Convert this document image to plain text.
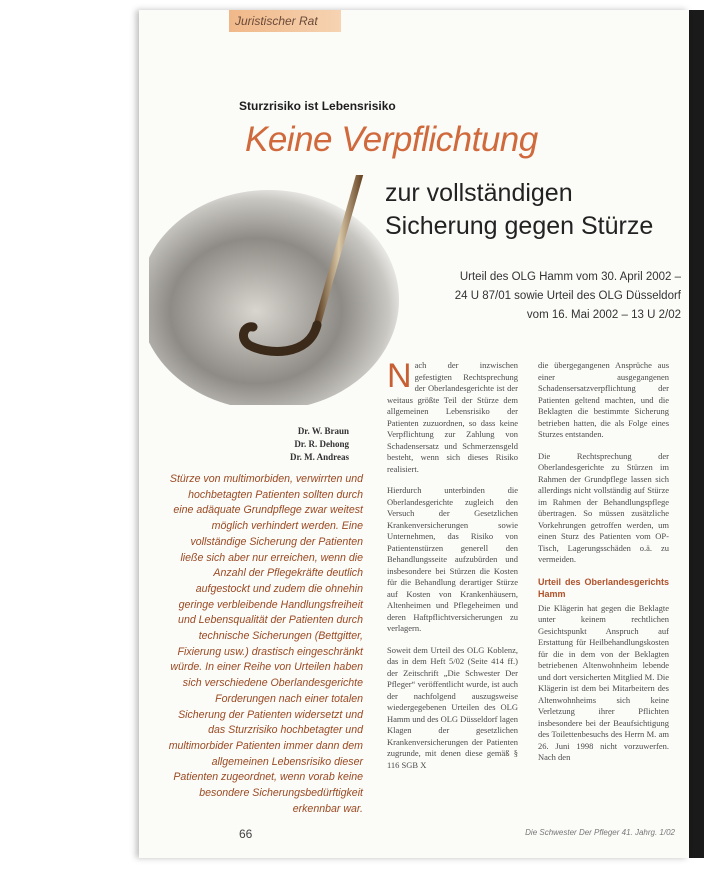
Juristischer Rat
Sturzrisiko ist Lebensrisiko
Keine Verpflichtung
zur vollständigen
Sicherung gegen Stürze
Urteil des OLG Hamm vom 30. April 2002 –
24 U 87/01 sowie Urteil des OLG Düsseldorf
vom 16. Mai 2002 – 13 U 2/02
Dr. W. Braun
Dr. R. Dehong
Dr. M. Andreas
Stürze von multimorbiden, verwirrten und hochbetagten Patienten sollten durch eine adäquate Grundpflege zwar weitest möglich verhindert werden. Eine vollständige Sicherung der Patienten ließe sich aber nur erreichen, wenn die Anzahl der Pflegekräfte deutlich aufgestockt und zudem die ohnehin geringe verbleibende Handlungsfreiheit und Lebensqualität der Patienten durch technische Sicherungen (Bettgitter, Fixierung usw.) drastisch eingeschränkt würde. In einer Reihe von Urteilen haben sich verschiedene Oberlandesgerichte Forderungen nach einer totalen Sicherung der Patienten widersetzt und das Sturzrisiko hochbetagter und multimorbider Patienten immer dann dem allgemeinen Lebensrisiko dieser Patienten zugeordnet, wenn vorab keine besondere Sicherungsbedürftigkeit erkennbar war.

Nach der inzwischen gefestigten Rechtsprechung der Oberlandesgerichte ist der weitaus größte Teil der Stürze dem allgemeinen Lebensrisiko der Patienten zuzuordnen, so dass keine Verpflichtung zur Zahlung von Schadensersatz und Schmerzensgeld besteht, wenn sich dieses Risiko realisiert.

Hierdurch unterbinden die Oberlandesgerichte zugleich den Versuch der Gesetzlichen Krankenversicherungen sowie Unternehmen, das Risiko von Patientenstürzen generell den Behandlungsseite aufzubürden und insbesondere bei Stürzen die Kosten für die Behandlung derartiger Stürze auf Kosten von Krankenhäusern, Altenheimen und Pflegeheimen und deren Haftpflichtversicherungen zu verlagern.

Soweit dem Urteil des OLG Koblenz, das in dem Heft 5/02 (Seite 414 ff.) der Zeitschrift „Die Schwester Der Pfleger“ veröffentlicht wurde, ist auch der nachfolgend auszugsweise wiedergegebenen Urteilen des OLG Hamm und des OLG Düsseldorf lagen Klagen der gesetzlichen Krankenversicherungen der Patienten zugrunde, mit denen diese gemäß § 116 SGB X

die übergegangenen Ansprüche aus einer ausgegangenen Schadensersatzverpflichtung der Patienten geltend machten, und die Beklagten die bestimmte Sicherung betrieben hatten, die als Folge eines Sturzes entstanden.

Die Rechtsprechung der Oberlandesgerichte zu Stürzen im Rahmen der Grundpflege lassen sich allerdings nicht vollständig auf Stürze im Rahmen der Behandlungspflege übertragen. So müssen zusätzliche Vorkehrungen getroffen werden, um einen Sturz des Patienten vom OP-Tisch, Lagerungsschäden o.ä. zu vermeiden.

Urteil des Oberlandesgerichts Hamm

Die Klägerin hat gegen die Beklagte unter keinem rechtlichen Gesichtspunkt Anspruch auf Erstattung für Heilbehandlungskosten für die in dem von der Beklagten betriebenen Altenwohnheim lebende und dort versicherten Mitglied M. Die Klägerin ist dem bei Mitarbeitern des Altenwohnheims sich keine Verletzung ihrer Pflichten insbesondere bei der Beaufsichtigung des Toilettenbesuchs des Herrn M. am 26. Juni 1998 nicht vorzuwerfen. Nach den

66	Die Schwester Der Pfleger 41. Jahrg. 1/02
